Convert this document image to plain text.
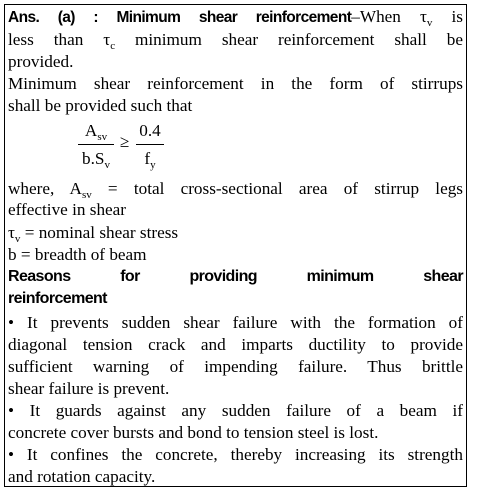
Ans. (a) : Minimum shear reinforcement–When $\tau_v$ is
less than $\tau_c$ minimum shear reinforcement shall be
provided.
Minimum shear reinforcement in the form of stirrups
shall be provided such that
$A_{sv}$
$b.S_v$
≥
0.4
$f_y$
where, $A_{sv}$ = total cross-sectional area of stirrup legs
effective in shear
$\tau_v$ = nominal shear stress
b = breadth of beam
Reasons	for	providing	minimum	shear
reinforcement
• It prevents sudden shear failure with the formation of
diagonal tension crack and imparts ductility to provide
sufficient warning of impending failure. Thus brittle
shear failure is prevent.
• It guards against any sudden failure of a beam if
concrete cover bursts and bond to tension steel is lost.
• It confines the concrete, thereby increasing its strength
and rotation capacity.
